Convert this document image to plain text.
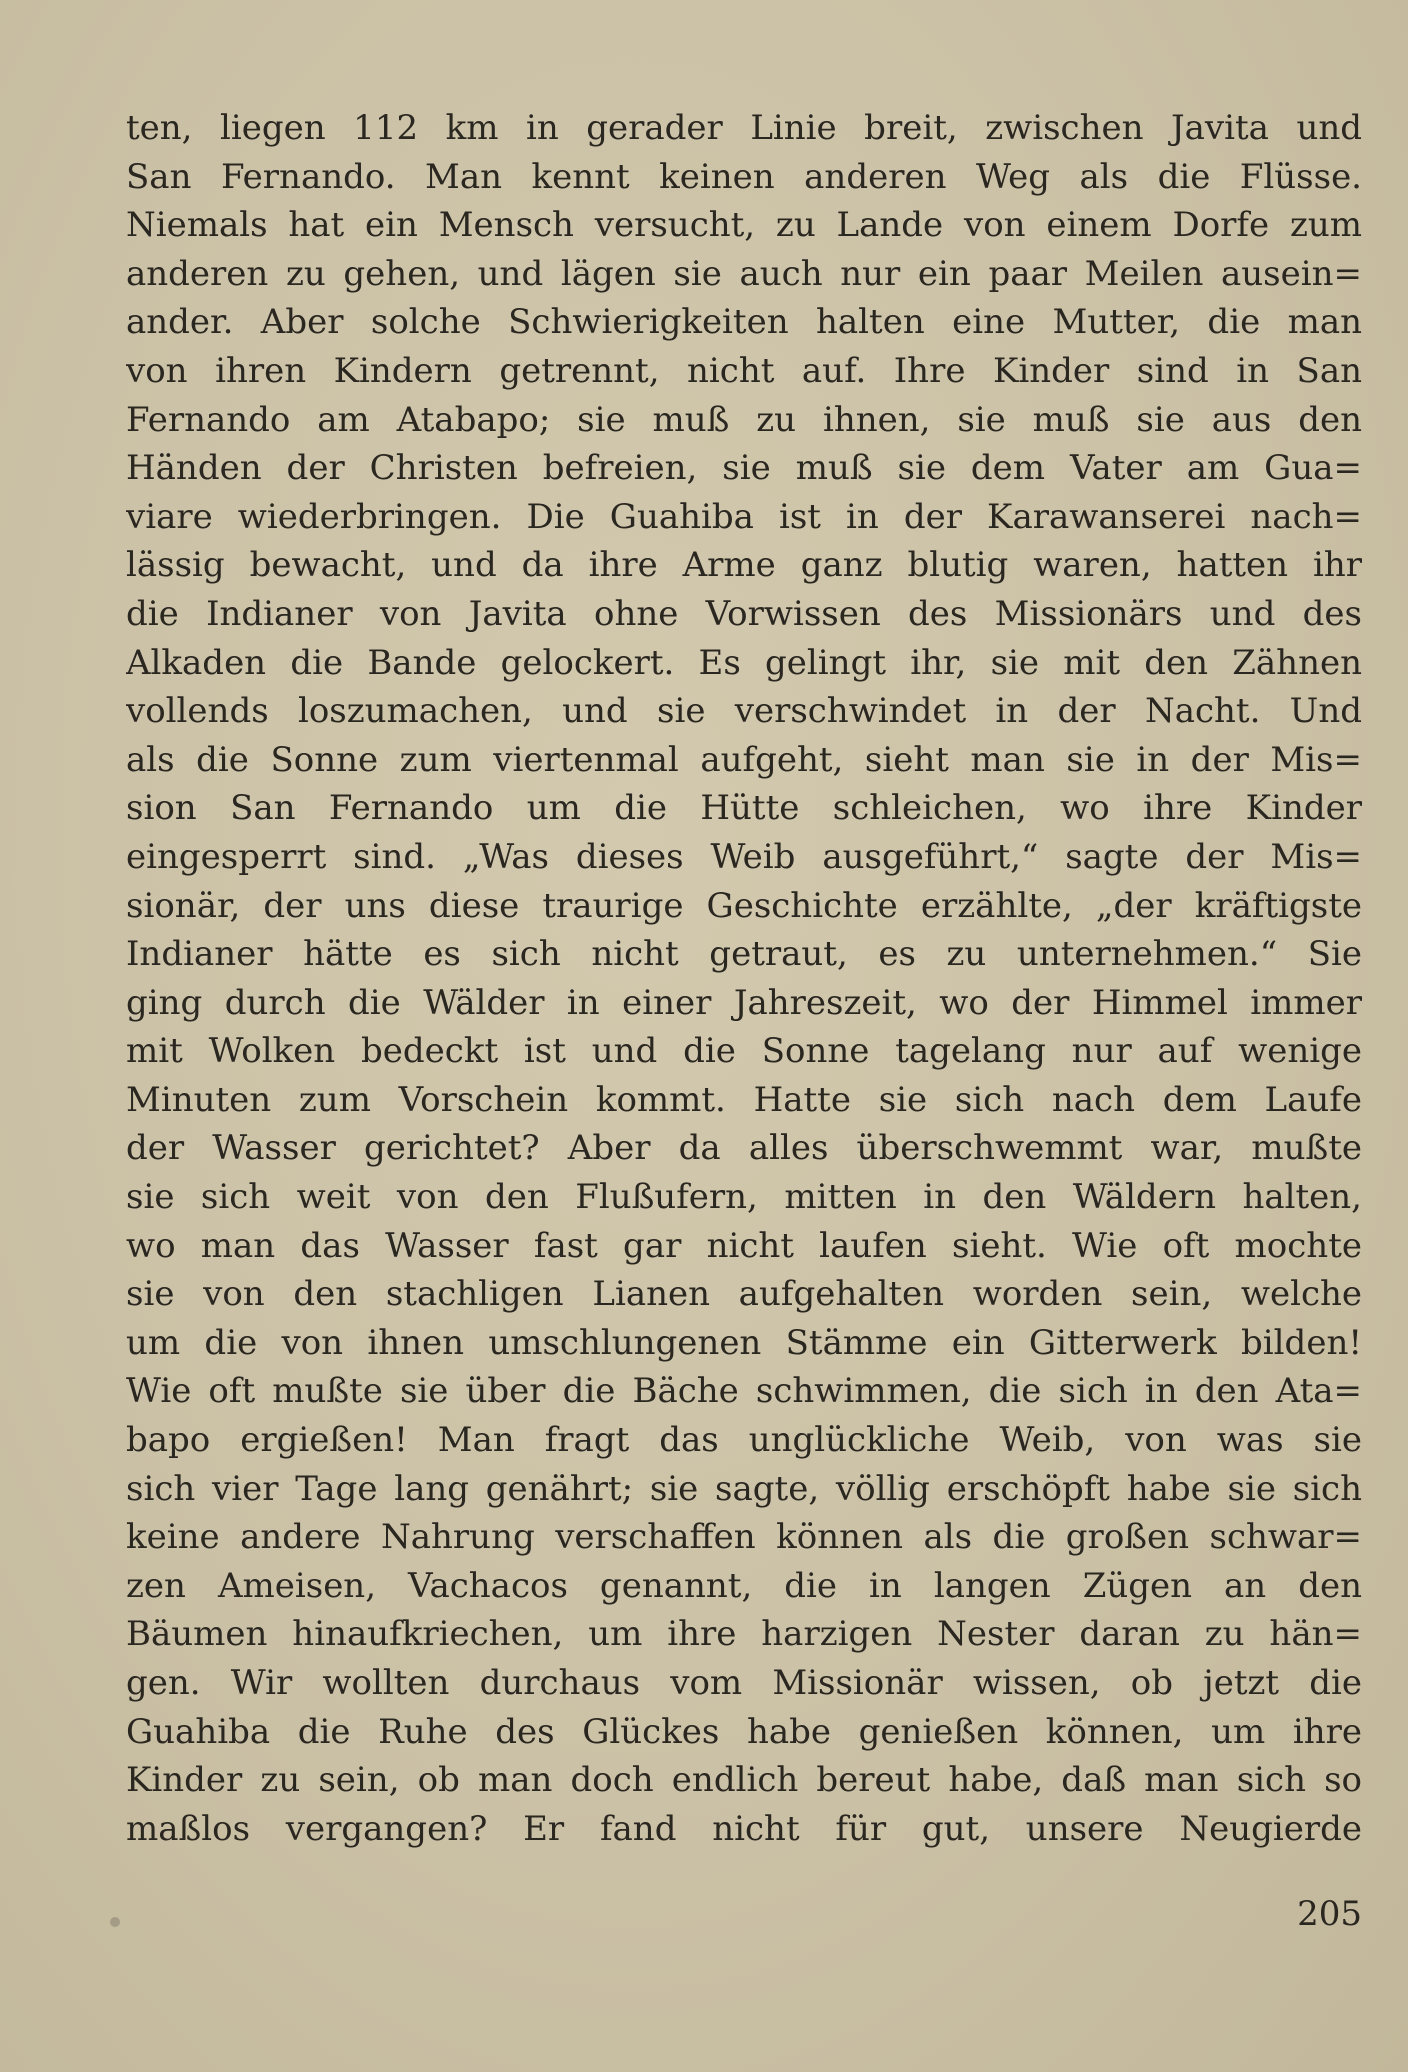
ten, liegen 112 km in gerader Linie breit, zwischen Javita und
San Fernando. Man kennt keinen anderen Weg als die Flüsse.
Niemals hat ein Mensch versucht, zu Lande von einem Dorfe zum
anderen zu gehen, und lägen sie auch nur ein paar Meilen ausein=
ander. Aber solche Schwierigkeiten halten eine Mutter, die man
von ihren Kindern getrennt, nicht auf. Ihre Kinder sind in San
Fernando am Atabapo; sie muß zu ihnen, sie muß sie aus den
Händen der Christen befreien, sie muß sie dem Vater am Gua=
viare wiederbringen. Die Guahiba ist in der Karawanserei nach=
lässig bewacht, und da ihre Arme ganz blutig waren, hatten ihr
die Indianer von Javita ohne Vorwissen des Missionärs und des
Alkaden die Bande gelockert. Es gelingt ihr, sie mit den Zähnen
vollends loszumachen, und sie verschwindet in der Nacht. Und
als die Sonne zum viertenmal aufgeht, sieht man sie in der Mis=
sion San Fernando um die Hütte schleichen, wo ihre Kinder
eingesperrt sind. „Was dieses Weib ausgeführt,“ sagte der Mis=
sionär, der uns diese traurige Geschichte erzählte, „der kräftigste
Indianer hätte es sich nicht getraut, es zu unternehmen.“ Sie
ging durch die Wälder in einer Jahreszeit, wo der Himmel immer
mit Wolken bedeckt ist und die Sonne tagelang nur auf wenige
Minuten zum Vorschein kommt. Hatte sie sich nach dem Laufe
der Wasser gerichtet? Aber da alles überschwemmt war, mußte
sie sich weit von den Flußufern, mitten in den Wäldern halten,
wo man das Wasser fast gar nicht laufen sieht. Wie oft mochte
sie von den stachligen Lianen aufgehalten worden sein, welche
um die von ihnen umschlungenen Stämme ein Gitterwerk bilden!
Wie oft mußte sie über die Bäche schwimmen, die sich in den Ata=
bapo ergießen! Man fragt das unglückliche Weib, von was sie
sich vier Tage lang genährt; sie sagte, völlig erschöpft habe sie sich
keine andere Nahrung verschaffen können als die großen schwar=
zen Ameisen, Vachacos genannt, die in langen Zügen an den
Bäumen hinaufkriechen, um ihre harzigen Nester daran zu hän=
gen. Wir wollten durchaus vom Missionär wissen, ob jetzt die
Guahiba die Ruhe des Glückes habe genießen können, um ihre
Kinder zu sein, ob man doch endlich bereut habe, daß man sich so
maßlos vergangen? Er fand nicht für gut, unsere Neugierde
205
